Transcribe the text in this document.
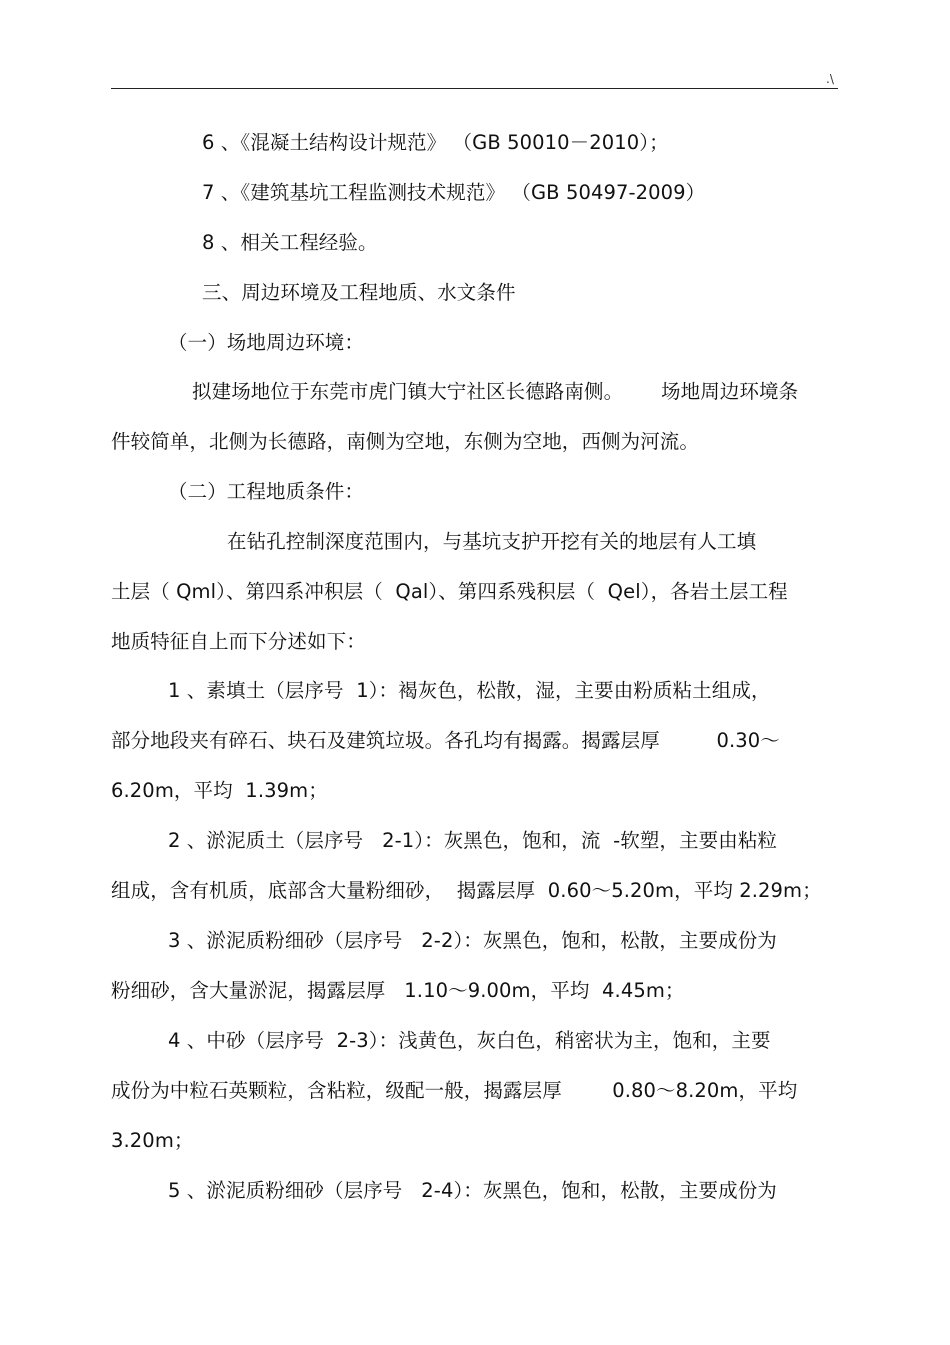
.\
6 、《混凝土结构设计规范》 （GB 50010－2010）；
7 、《建筑基坑工程监测技术规范》 （GB 50497-2009）
8 、相关工程经验。
三、周边环境及工程地质、水文条件
（一）场地周边环境：
拟建场地位于东莞市虎门镇大宁社区长德路南侧。      场地周边环境条
件较简单，北侧为长德路，南侧为空地，东侧为空地，西侧为河流。
（二）工程地质条件：
在钻孔控制深度范围内，与基坑支护开挖有关的地层有人工填
土层（ Qml）、第四系冲积层（  Qal）、第四系残积层（  Qel），各岩土层工程
地质特征自上而下分述如下：
1 、素填土（层序号  1）：褐灰色，松散，湿，主要由粉质粘土组成，
部分地段夹有碎石、块石及建筑垃圾。各孔均有揭露。揭露层厚         0.30～
6.20m，平均  1.39m；
2 、淤泥质土（层序号   2-1）：灰黑色，饱和，流  -软塑，主要由粘粒
组成，含有机质，底部含大量粉细砂，  揭露层厚  0.60～5.20m，平均 2.29m；
3 、淤泥质粉细砂（层序号   2-2）：灰黑色，饱和，松散，主要成份为
粉细砂，含大量淤泥，揭露层厚   1.10～9.00m，平均  4.45m；
4 、中砂（层序号  2-3）：浅黄色，灰白色，稍密状为主，饱和，主要
成份为中粒石英颗粒，含粘粒，级配一般，揭露层厚        0.80～8.20m，平均
3.20m；
5 、淤泥质粉细砂（层序号   2-4）：灰黑色，饱和，松散，主要成份为
